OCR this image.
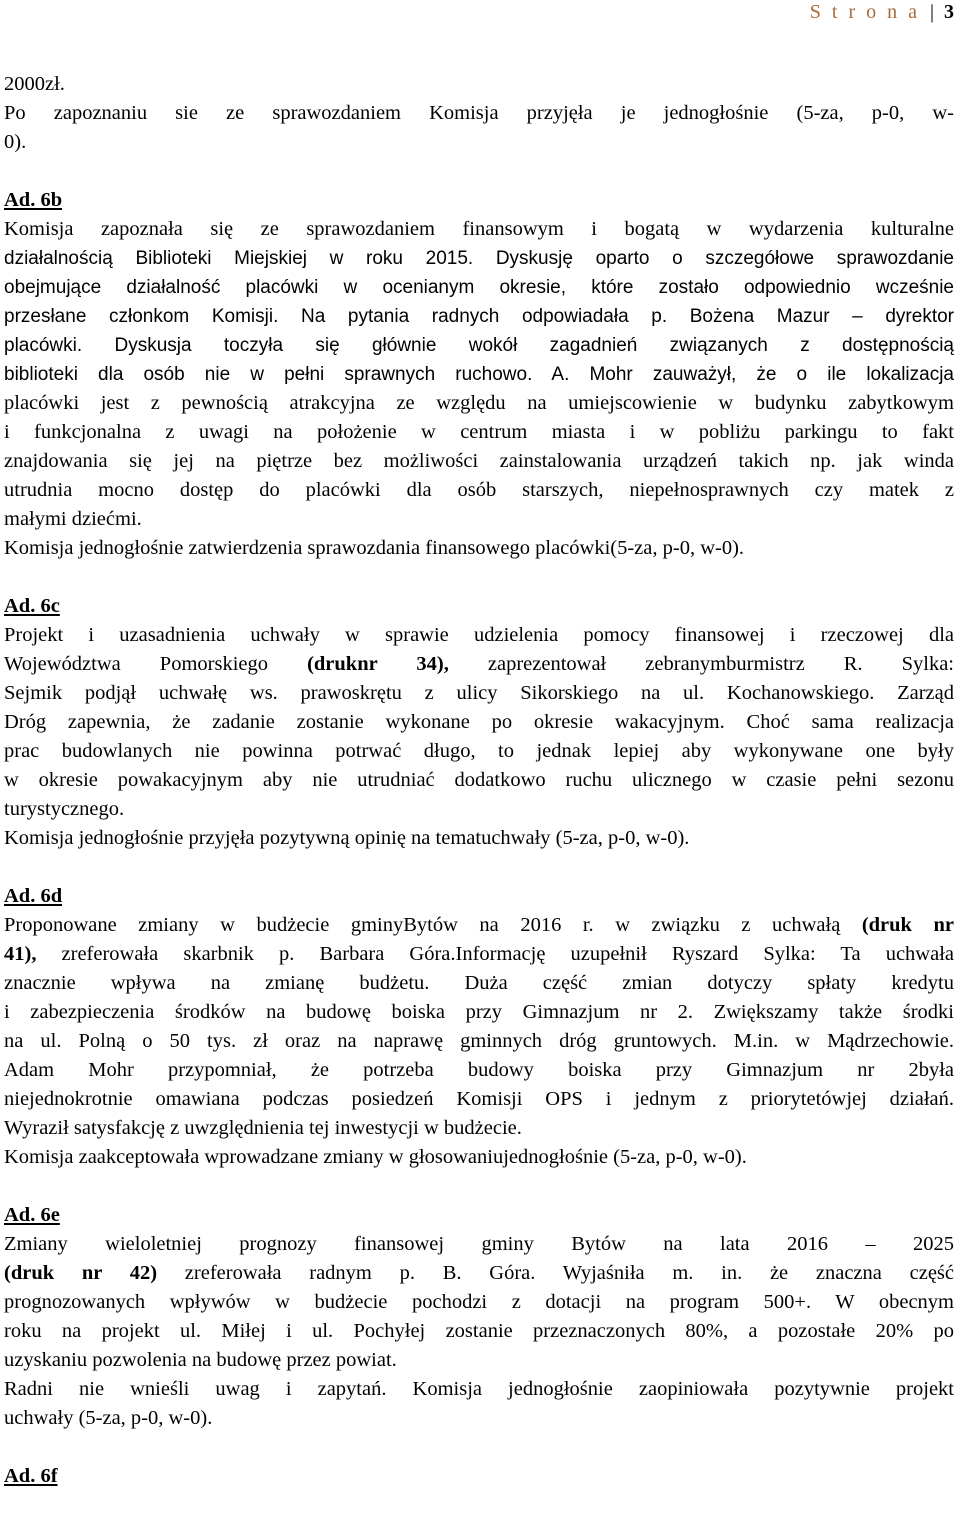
S t r o n a | 3
2000zł.
Po zapoznaniu sie ze sprawozdaniem Komisja przyjęła je jednogłośnie (5-za, p-0, w-
0).
Ad. 6b
Komisja zapoznała się ze sprawozdaniem finansowym i bogatą w wydarzenia kulturalne
działalnością Biblioteki Miejskiej w roku 2015. Dyskusję oparto o szczegółowe sprawozdanie
obejmujące działalność placówki w ocenianym okresie, które zostało odpowiednio wcześnie
przesłane członkom Komisji. Na pytania radnych odpowiadała p. Bożena Mazur – dyrektor
placówki. Dyskusja toczyła się głównie wokół zagadnień związanych z dostępnością
biblioteki dla osób nie w pełni sprawnych ruchowo. A. Mohr zauważył, że o ile lokalizacja
placówki jest z pewnością atrakcyjna ze względu na umiejscowienie w budynku zabytkowym
i funkcjonalna z uwagi na położenie w centrum miasta i w pobliżu parkingu to fakt
znajdowania się jej na piętrze bez możliwości zainstalowania urządzeń takich np. jak winda
utrudnia mocno dostęp do placówki dla osób starszych, niepełnosprawnych czy matek z
małymi dziećmi.
Komisja jednogłośnie zatwierdzenia sprawozdania finansowego placówki(5-za, p-0, w-0).
Ad. 6c
Projekt i uzasadnienia uchwały w sprawie udzielenia pomocy finansowej i rzeczowej dla
Województwa Pomorskiego (druknr 34), zaprezentował zebranymburmistrz R. Sylka:
Sejmik podjął uchwałę ws. prawoskrętu z ulicy Sikorskiego na ul. Kochanowskiego. Zarząd
Dróg zapewnia, że zadanie zostanie wykonane po okresie wakacyjnym. Choć sama realizacja
prac budowlanych nie powinna potrwać długo, to jednak lepiej aby wykonywane one były
w okresie powakacyjnym aby nie utrudniać dodatkowo ruchu ulicznego w czasie pełni sezonu
turystycznego.
Komisja jednogłośnie przyjęła pozytywną opinię na tematuchwały (5-za, p-0, w-0).
Ad. 6d
Proponowane zmiany w budżecie gminyBytów na 2016 r. w związku z uchwałą (druk nr
41), zreferowała skarbnik p. Barbara Góra.Informację uzupełnił Ryszard Sylka: Ta uchwała
znacznie wpływa na zmianę budżetu. Duża część zmian dotyczy spłaty kredytu
i zabezpieczenia środków na budowę boiska przy Gimnazjum nr 2. Zwiększamy także środki
na ul. Polną o 50 tys. zł oraz na naprawę gminnych dróg gruntowych. M.in. w Mądrzechowie.
Adam Mohr przypomniał, że potrzeba budowy boiska przy Gimnazjum nr 2była
niejednokrotnie omawiana podczas posiedzeń Komisji OPS i jednym z priorytetówjej działań.
Wyraził satysfakcję z uwzględnienia tej inwestycji w budżecie.
Komisja zaakceptowała wprowadzane zmiany w głosowaniujednogłośnie (5-za, p-0, w-0).
Ad. 6e
Zmiany wieloletniej prognozy finansowej gminy Bytów na lata 2016 – 2025
(druk nr 42) zreferowała radnym p. B. Góra. Wyjaśniła m. in. że znaczna część
prognozowanych wpływów w budżecie pochodzi z dotacji na program 500+. W obecnym
roku na projekt ul. Miłej i ul. Pochyłej zostanie przeznaczonych 80%, a pozostałe 20% po
uzyskaniu pozwolenia na budowę przez powiat.
Radni nie wnieśli uwag i zapytań. Komisja jednogłośnie zaopiniowała pozytywnie projekt
uchwały (5-za, p-0, w-0).
Ad. 6f
